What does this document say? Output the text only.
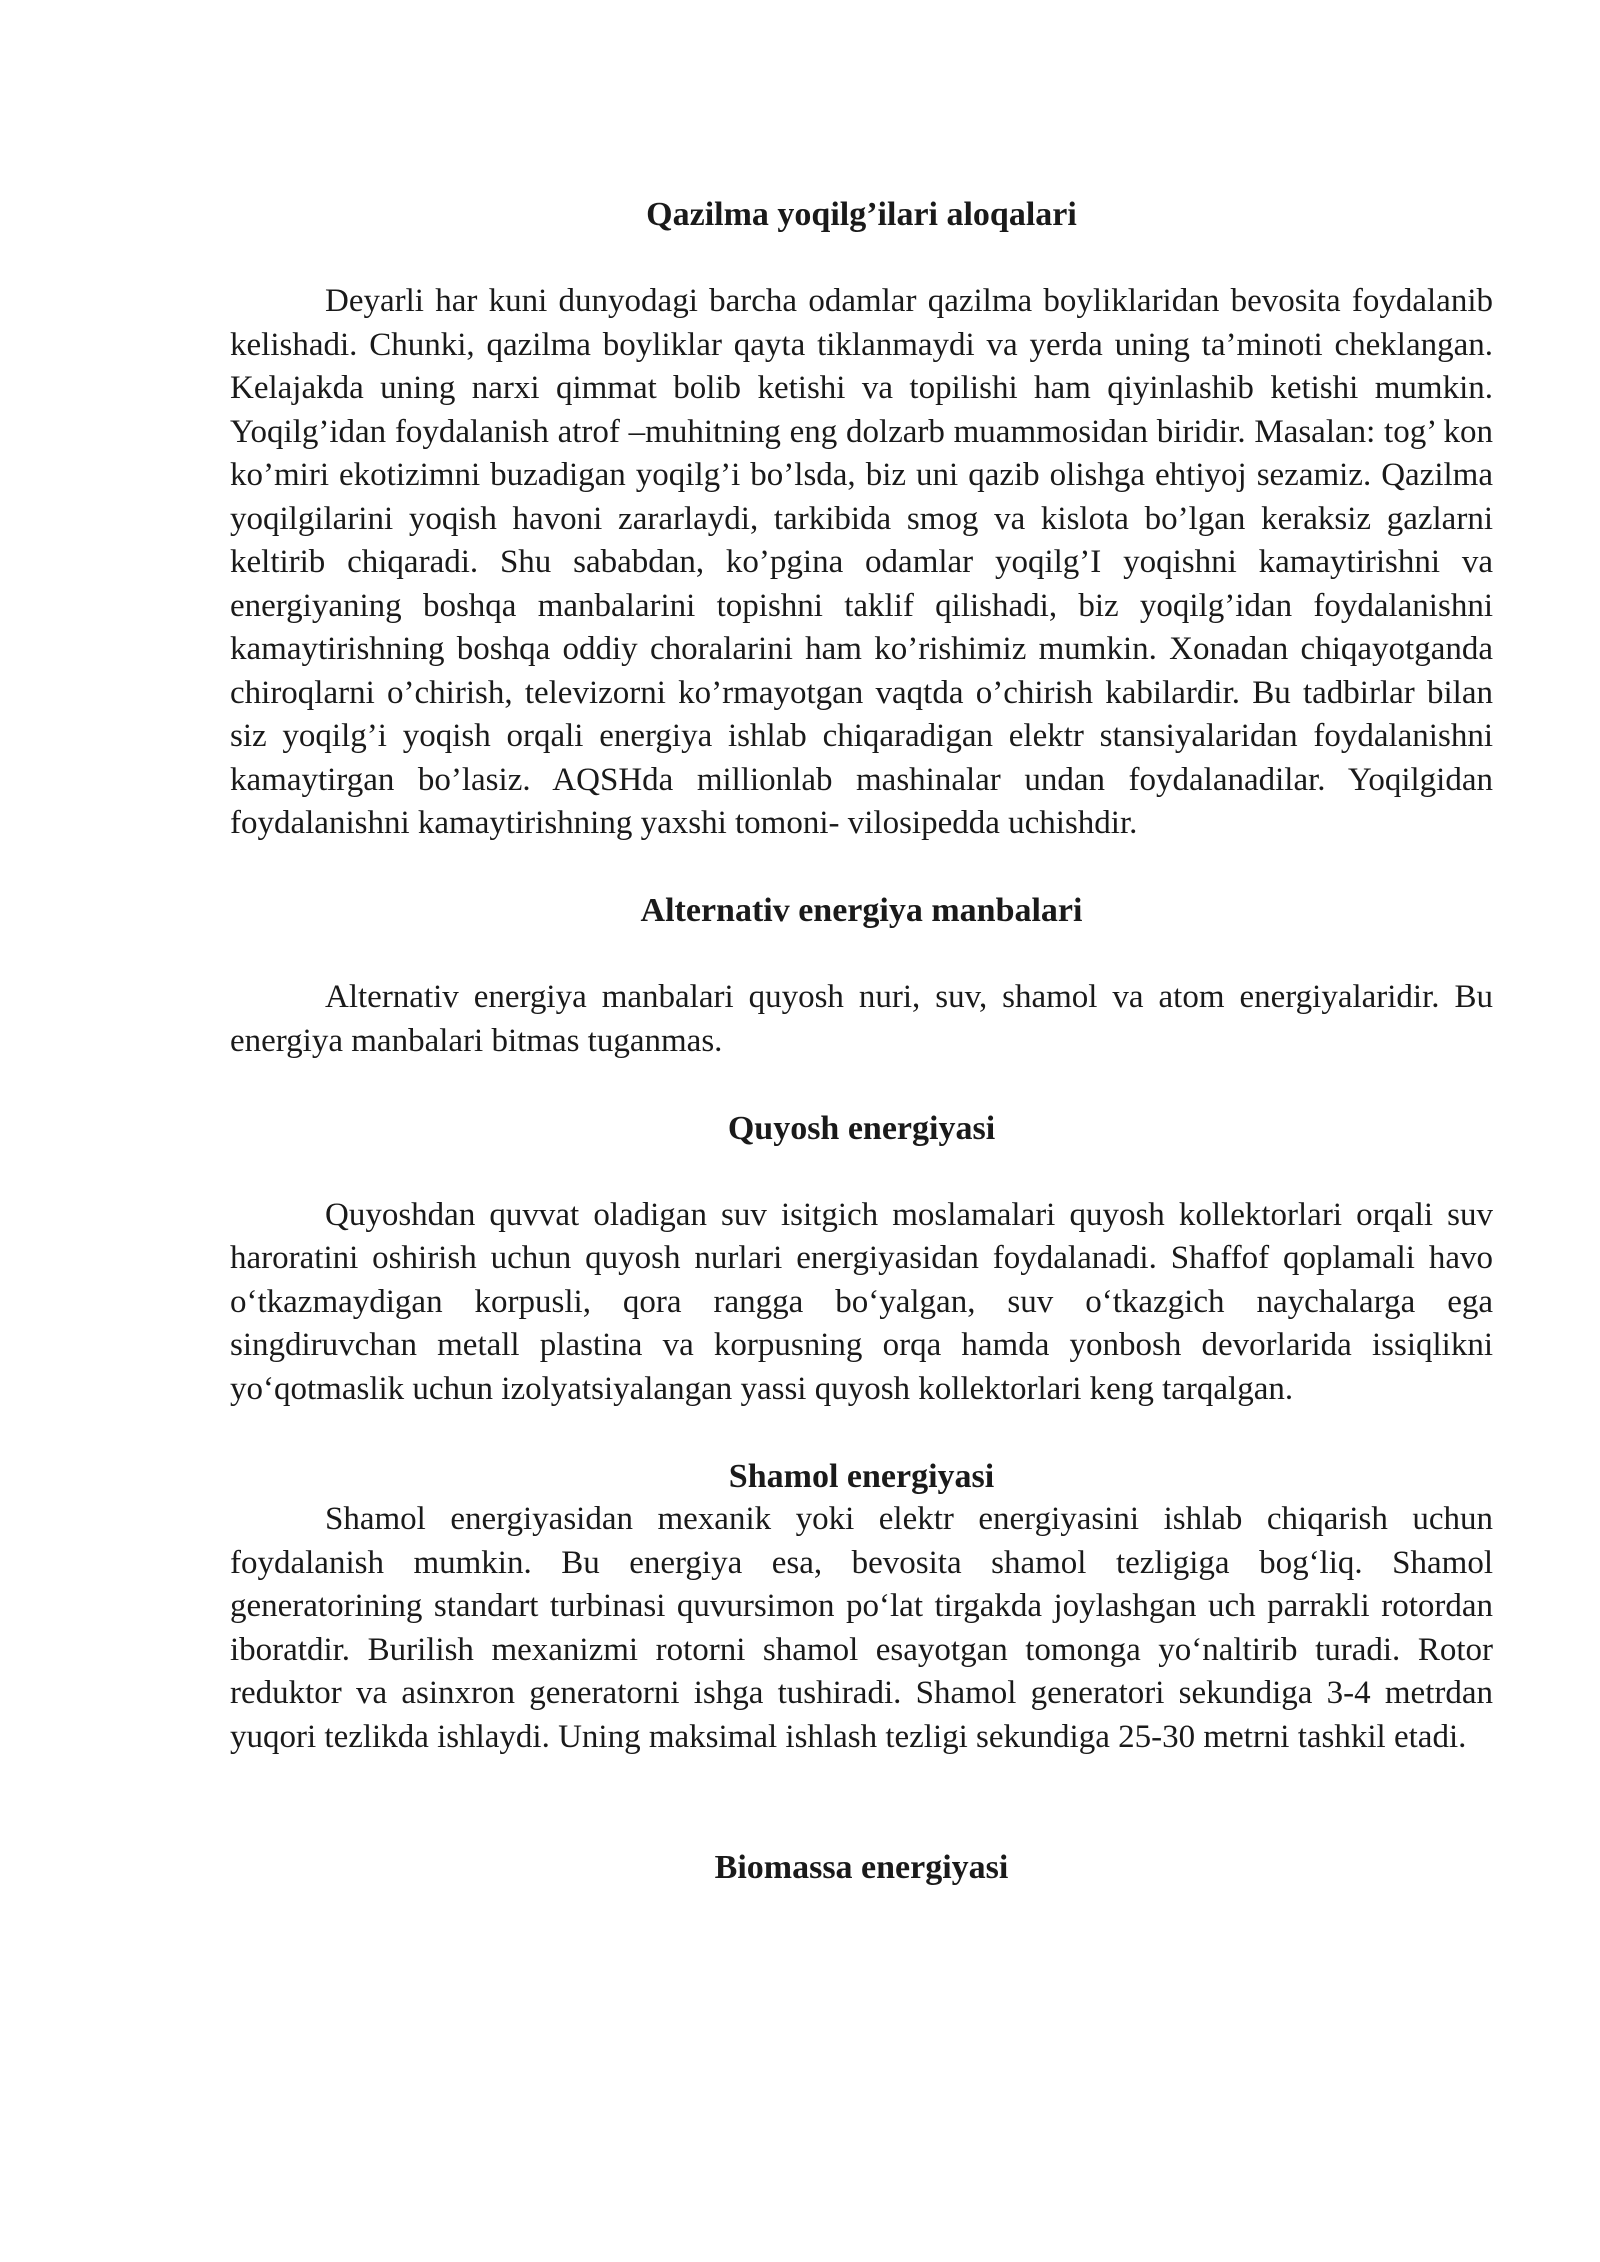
Qazilma yoqilg’ilari aloqalari

Deyarli har kuni dunyodagi barcha odamlar qazilma boyliklaridan bevosita foydalanib kelishadi. Chunki, qazilma boyliklar qayta tiklanmaydi va yerda uning ta’minoti cheklangan. Kelajakda uning narxi qimmat bolib ketishi va topilishi ham qiyinlashib ketishi mumkin. Yoqilg’idan foydalanish atrof –muhitning eng dolzarb muammosidan biridir. Masalan: tog’ kon ko’miri ekotizimni buzadigan yoqilg’i bo’lsda, biz uni qazib olishga ehtiyoj sezamiz. Qazilma yoqilgilarini yoqish havoni zararlaydi, tarkibida smog va kislota bo’lgan keraksiz gazlarni keltirib chiqaradi. Shu sababdan, ko’pgina odamlar yoqilg’I yoqishni kamaytirishni va energiyaning boshqa manbalarini topishni taklif qilishadi, biz yoqilg’idan foydalanishni kamaytirishning boshqa oddiy choralarini ham ko’rishimiz mumkin. Xonadan chiqayotganda chiroqlarni o’chirish, televizorni ko’rmayotgan vaqtda o’chirish kabilardir. Bu tadbirlar bilan siz yoqilg’i yoqish orqali energiya ishlab chiqaradigan elektr stansiyalaridan foydalanishni kamaytirgan bo’lasiz. AQSHda millionlab mashinalar undan foydalanadilar. Yoqilgidan foydalanishni kamaytirishning yaxshi tomoni- vilosipedda uchishdir.

Alternativ energiya manbalari

Alternativ energiya manbalari quyosh nuri, suv, shamol va atom energiyalaridir. Bu energiya manbalari bitmas tuganmas.

Quyosh energiyasi

Quyoshdan quvvat oladigan suv isitgich moslamalari quyosh kollektorlari orqali suv haroratini oshirish uchun quyosh nurlari energiyasidan foydalanadi. Shaffof qoplamali havo o‘tkazmaydigan korpusli, qora rangga bo‘yalgan, suv o‘tkazgich naychalarga ega singdiruvchan metall plastina va korpusning orqa hamda yonbosh devorlarida issiqlikni yo‘qotmaslik uchun izolyatsiyalangan yassi quyosh kollektorlari keng tarqalgan.

Shamol energiyasi

Shamol energiyasidan mexanik yoki elektr energiyasini ishlab chiqarish uchun foydalanish mumkin. Bu energiya esa, bevosita shamol tezligiga bog‘liq. Shamol generatorining standart turbinasi quvursimon po‘lat tirgakda joylashgan uch parrakli rotordan iboratdir. Burilish mexanizmi rotorni shamol esayotgan tomonga yo‘naltirib turadi. Rotor reduktor va asinxron generatorni ishga tushiradi. Shamol generatori sekundiga 3-4 metrdan yuqori tezlikda ishlaydi. Uning maksimal ishlash tezligi sekundiga 25-30 metrni tashkil etadi.

Biomassa energiyasi
